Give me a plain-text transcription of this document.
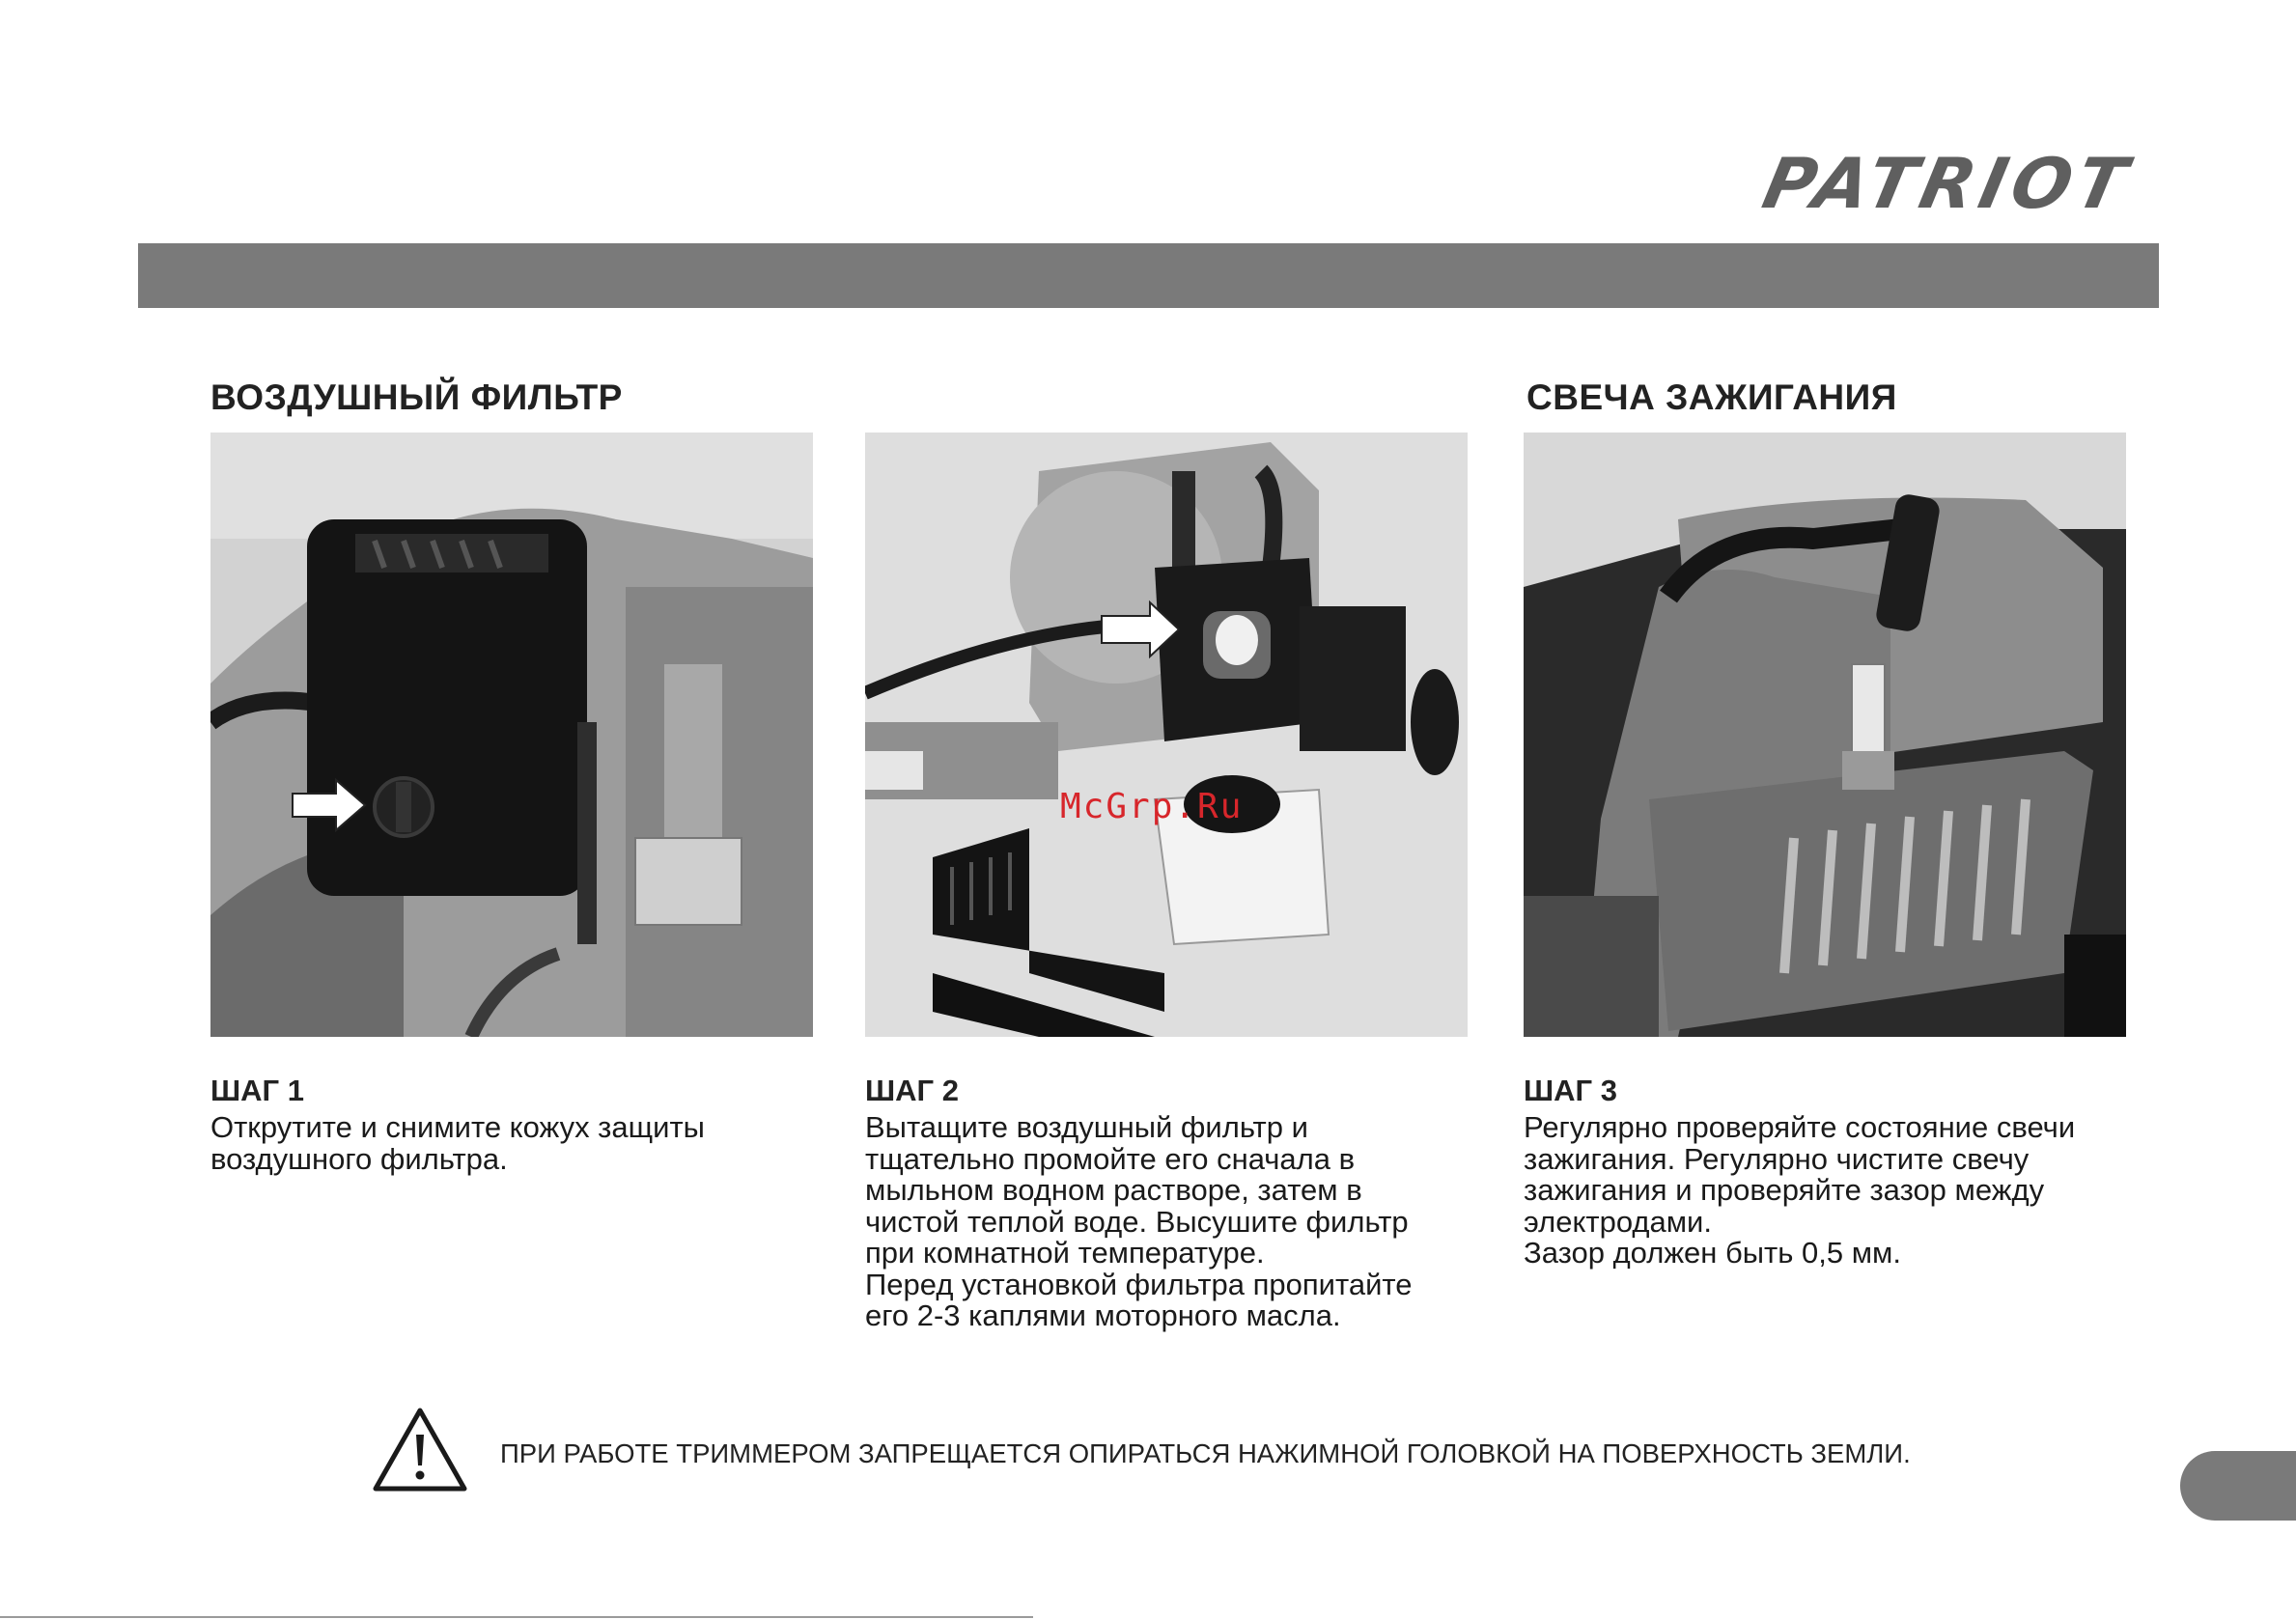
PATRIOT
ВОЗДУШНЫЙ ФИЛЬТР	СВЕЧА ЗАЖИГАНИЯ
McGrp.Ru
ШАГ 1
Открутите и снимите кожух защиты
воздушного фильтра.
ШАГ 2
Вытащите воздушный фильтр и
тщательно промойте его сначала в
мыльном водном растворе, затем в
чистой теплой воде. Высушите фильтр
при комнатной температуре.
Перед установкой фильтра пропитайте
его 2-3 каплями моторного масла.
ШАГ 3
Регулярно проверяйте состояние свечи
зажигания. Регулярно чистите свечу
зажигания и проверяйте зазор между
электродами.
Зазор должен быть 0,5 мм.
ПРИ РАБОТЕ ТРИММЕРОМ ЗАПРЕЩАЕТСЯ ОПИРАТЬСЯ НАЖИМНОЙ ГОЛОВКОЙ НА ПОВЕРХНОСТЬ ЗЕМЛИ.
